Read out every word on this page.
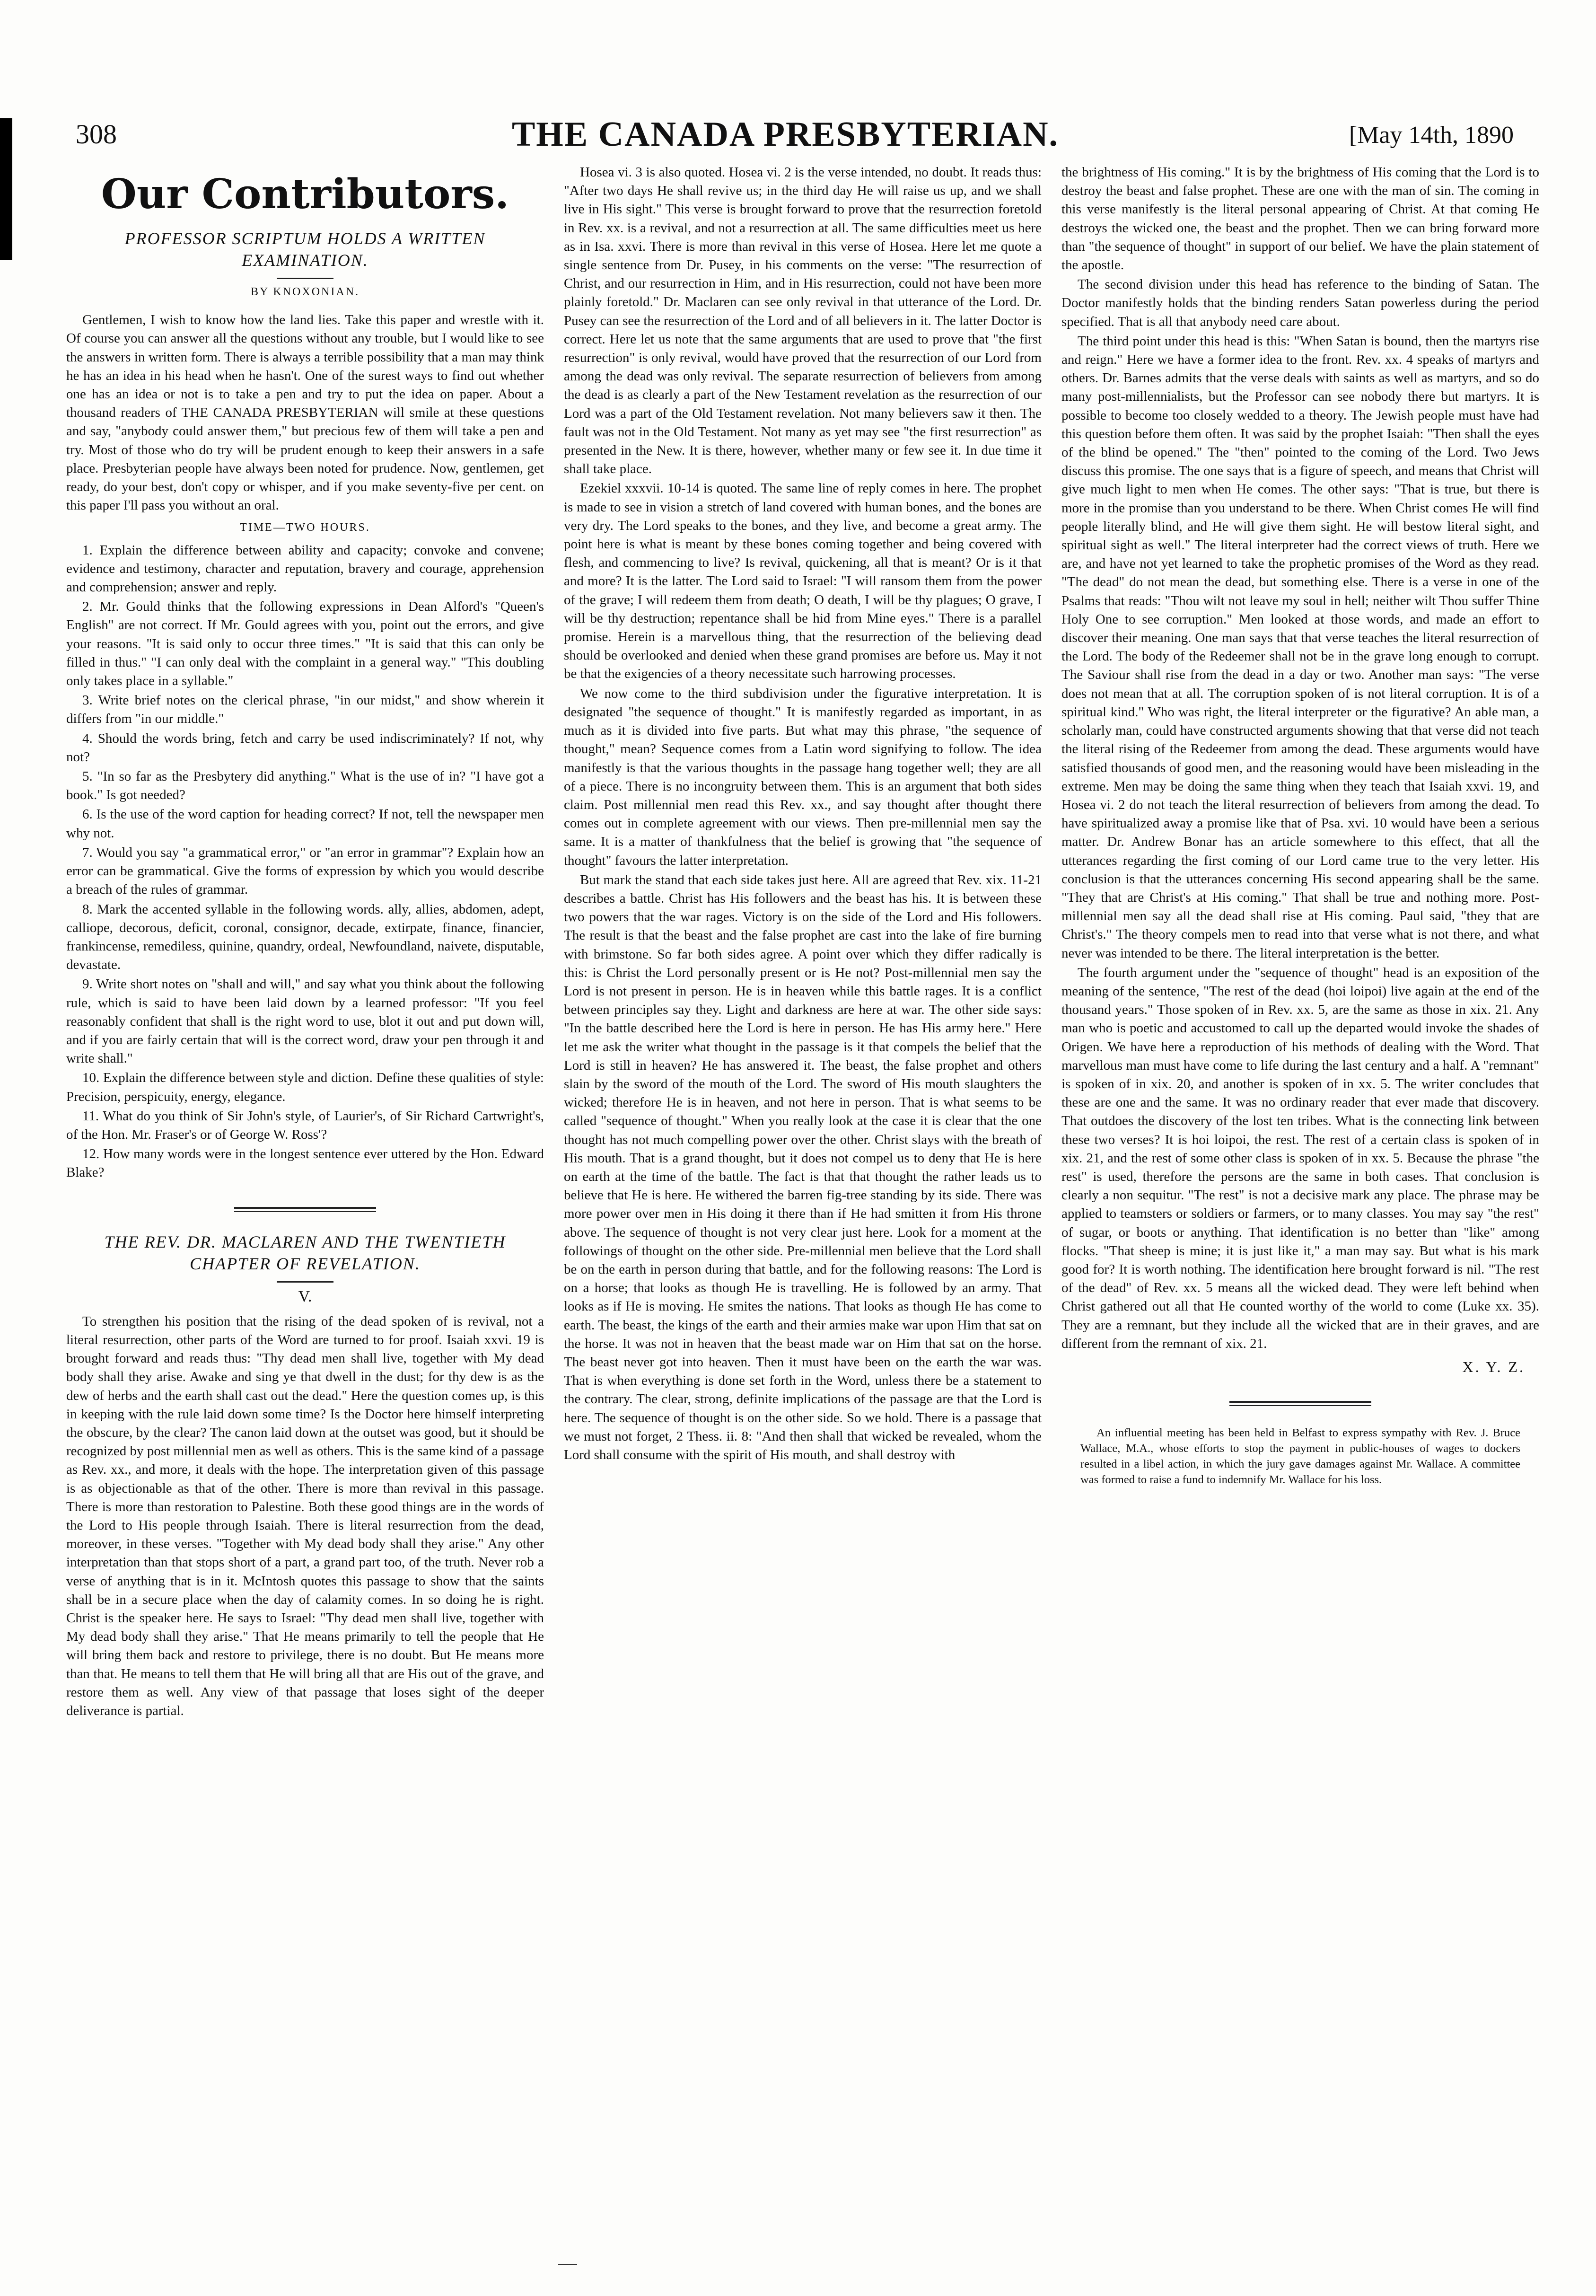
308	THE CANADA PRESBYTERIAN.	[May 14th, 1890
Our Contributors.
PROFESSOR SCRIPTUM HOLDS A WRITTEN EXAMINATION.
BY KNOXONIAN.

Gentlemen, I wish to know how the land lies. Take this paper and wrestle with it. Of course you can answer all the questions without any trouble, but I would like to see the answers in written form. There is always a terrible possibility that a man may think he has an idea in his head when he hasn't. One of the surest ways to find out whether one has an idea or not is to take a pen and try to put the idea on paper. About a thousand readers of THE CANADA PRESBYTERIAN will smile at these questions and say, "anybody could answer them," but precious few of them will take a pen and try. Most of those who do try will be prudent enough to keep their answers in a safe place. Presbyterian people have always been noted for prudence. Now, gentlemen, get ready, do your best, don't copy or whisper, and if you make seventy-five per cent. on this paper I'll pass you without an oral.

TIME—TWO HOURS.

1. Explain the difference between ability and capacity; convoke and convene; evidence and testimony, character and reputation, bravery and courage, apprehension and comprehension; answer and reply.

2. Mr. Gould thinks that the following expressions in Dean Alford's "Queen's English" are not correct. If Mr. Gould agrees with you, point out the errors, and give your reasons. "It is said only to occur three times." "It is said that this can only be filled in thus." "I can only deal with the complaint in a general way." "This doubling only takes place in a syllable."

3. Write brief notes on the clerical phrase, "in our midst," and show wherein it differs from "in our middle."

4. Should the words bring, fetch and carry be used indiscriminately? If not, why not?

5. "In so far as the Presbytery did anything." What is the use of in? "I have got a book." Is got needed?

6. Is the use of the word caption for heading correct? If not, tell the newspaper men why not.

7. Would you say "a grammatical error," or "an error in grammar"? Explain how an error can be grammatical. Give the forms of expression by which you would describe a breach of the rules of grammar.

8. Mark the accented syllable in the following words. ally, allies, abdomen, adept, calliope, decorous, deficit, coronal, consignor, decade, extirpate, finance, financier, frankincense, remediless, quinine, quandry, ordeal, Newfoundland, naivete, disputable, devastate.

9. Write short notes on "shall and will," and say what you think about the following rule, which is said to have been laid down by a learned professor: "If you feel reasonably confident that shall is the right word to use, blot it out and put down will, and if you are fairly certain that will is the correct word, draw your pen through it and write shall."

10. Explain the difference between style and diction. Define these qualities of style: Precision, perspicuity, energy, elegance.

11. What do you think of Sir John's style, of Laurier's, of Sir Richard Cartwright's, of the Hon. Mr. Fraser's or of George W. Ross'?

12. How many words were in the longest sentence ever uttered by the Hon. Edward Blake?

THE REV. DR. MACLAREN AND THE TWENTIETH CHAPTER OF REVELATION.
V.

To strengthen his position that the rising of the dead spoken of is revival, not a literal resurrection, other parts of the Word are turned to for proof. Isaiah xxvi. 19 is brought forward and reads thus: "Thy dead men shall live, together with My dead body shall they arise. Awake and sing ye that dwell in the dust; for thy dew is as the dew of herbs and the earth shall cast out the dead." Here the question comes up, is this in keeping with the rule laid down some time? Is the Doctor here himself interpreting the obscure, by the clear? The canon laid down at the outset was good, but it should be recognized by post millennial men as well as others. This is the same kind of a passage as Rev. xx., and more, it deals with the hope. The interpretation given of this passage is as objectionable as that of the other. There is more than revival in this passage. There is more than restoration to Palestine. Both these good things are in the words of the Lord to His people through Isaiah. There is literal resurrection from the dead, moreover, in these verses. "Together with My dead body shall they arise." Any other interpretation than that stops short of a part, a grand part too, of the truth. Never rob a verse of anything that is in it. McIntosh quotes this passage to show that the saints shall be in a secure place when the day of calamity comes. In so doing he is right. Christ is the speaker here. He says to Israel: "Thy dead men shall live, together with My dead body shall they arise." That He means primarily to tell the people that He will bring them back and restore to privilege, there is no doubt. But He means more than that. He means to tell them that He will bring all that are His out of the grave, and restore them as well. Any view of that passage that loses sight of the deeper deliverance is partial.

Hosea vi. 3 is also quoted. Hosea vi. 2 is the verse intended, no doubt. It reads thus: "After two days He shall revive us; in the third day He will raise us up, and we shall live in His sight." This verse is brought forward to prove that the resurrection foretold in Rev. xx. is a revival, and not a resurrection at all. The same difficulties meet us here as in Isa. xxvi. There is more than revival in this verse of Hosea. Here let me quote a single sentence from Dr. Pusey, in his comments on the verse: "The resurrection of Christ, and our resurrection in Him, and in His resurrection, could not have been more plainly foretold." Dr. Maclaren can see only revival in that utterance of the Lord. Dr. Pusey can see the resurrection of the Lord and of all believers in it. The latter Doctor is correct. Here let us note that the same arguments that are used to prove that "the first resurrection" is only revival, would have proved that the resurrection of our Lord from among the dead was only revival. The separate resurrection of believers from among the dead is as clearly a part of the New Testament revelation as the resurrection of our Lord was a part of the Old Testament revelation. Not many believers saw it then. The fault was not in the Old Testament. Not many as yet may see "the first resurrection" as presented in the New. It is there, however, whether many or few see it. In due time it shall take place.

Ezekiel xxxvii. 10-14 is quoted. The same line of reply comes in here. The prophet is made to see in vision a stretch of land covered with human bones, and the bones are very dry. The Lord speaks to the bones, and they live, and become a great army. The point here is what is meant by these bones coming together and being covered with flesh, and commencing to live? Is revival, quickening, all that is meant? Or is it that and more? It is the latter. The Lord said to Israel: "I will ransom them from the power of the grave; I will redeem them from death; O death, I will be thy plagues; O grave, I will be thy destruction; repentance shall be hid from Mine eyes." There is a parallel promise. Herein is a marvellous thing, that the resurrection of the believing dead should be overlooked and denied when these grand promises are before us. May it not be that the exigencies of a theory necessitate such harrowing processes.

We now come to the third subdivision under the figurative interpretation. It is designated "the sequence of thought." It is manifestly regarded as important, in as much as it is divided into five parts. But what may this phrase, "the sequence of thought," mean? Sequence comes from a Latin word signifying to follow. The idea manifestly is that the various thoughts in the passage hang together well; they are all of a piece. There is no incongruity between them. This is an argument that both sides claim. Post millennial men read this Rev. xx., and say thought after thought there comes out in complete agreement with our views. Then pre-millennial men say the same. It is a matter of thankfulness that the belief is growing that "the sequence of thought" favours the latter interpretation.

But mark the stand that each side takes just here. All are agreed that Rev. xix. 11-21 describes a battle. Christ has His followers and the beast has his. It is between these two powers that the war rages. Victory is on the side of the Lord and His followers. The result is that the beast and the false prophet are cast into the lake of fire burning with brimstone. So far both sides agree. A point over which they differ radically is this: is Christ the Lord personally present or is He not? Post-millennial men say the Lord is not present in person. He is in heaven while this battle rages. It is a conflict between principles say they. Light and darkness are here at war. The other side says: "In the battle described here the Lord is here in person. He has His army here." Here let me ask the writer what thought in the passage is it that compels the belief that the Lord is still in heaven? He has answered it. The beast, the false prophet and others slain by the sword of the mouth of the Lord. The sword of His mouth slaughters the wicked; therefore He is in heaven, and not here in person. That is what seems to be called "sequence of thought." When you really look at the case it is clear that the one thought has not much compelling power over the other. Christ slays with the breath of His mouth. That is a grand thought, but it does not compel us to deny that He is here on earth at the time of the battle. The fact is that that thought the rather leads us to believe that He is here. He withered the barren fig-tree standing by its side. There was more power over men in His doing it there than if He had smitten it from His throne above. The sequence of thought is not very clear just here. Look for a moment at the followings of thought on the other side. Pre-millennial men believe that the Lord shall be on the earth in person during that battle, and for the following reasons: The Lord is on a horse; that looks as though He is travelling. He is followed by an army. That looks as if He is moving. He smites the nations. That looks as though He has come to earth. The beast, the kings of the earth and their armies make war upon Him that sat on the horse. It was not in heaven that the beast made war on Him that sat on the horse. The beast never got into heaven. Then it must have been on the earth the war was. That is when everything is done set forth in the Word, unless there be a statement to the contrary. The clear, strong, definite implications of the passage are that the Lord is here. The sequence of thought is on the other side. So we hold. There is a passage that we must not forget, 2 Thess. ii. 8: "And then shall that wicked be revealed, whom the Lord shall consume with the spirit of His mouth, and shall destroy with

the brightness of His coming." It is by the brightness of His coming that the Lord is to destroy the beast and false prophet. These are one with the man of sin. The coming in this verse manifestly is the literal personal appearing of Christ. At that coming He destroys the wicked one, the beast and the prophet. Then we can bring forward more than "the sequence of thought" in support of our belief. We have the plain statement of the apostle.

The second division under this head has reference to the binding of Satan. The Doctor manifestly holds that the binding renders Satan powerless during the period specified. That is all that anybody need care about.

The third point under this head is this: "When Satan is bound, then the martyrs rise and reign." Here we have a former idea to the front. Rev. xx. 4 speaks of martyrs and others. Dr. Barnes admits that the verse deals with saints as well as martyrs, and so do many post-millennialists, but the Professor can see nobody there but martyrs. It is possible to become too closely wedded to a theory. The Jewish people must have had this question before them often. It was said by the prophet Isaiah: "Then shall the eyes of the blind be opened." The "then" pointed to the coming of the Lord. Two Jews discuss this promise. The one says that is a figure of speech, and means that Christ will give much light to men when He comes. The other says: "That is true, but there is more in the promise than you understand to be there. When Christ comes He will find people literally blind, and He will give them sight. He will bestow literal sight, and spiritual sight as well." The literal interpreter had the correct views of truth. Here we are, and have not yet learned to take the prophetic promises of the Word as they read. "The dead" do not mean the dead, but something else. There is a verse in one of the Psalms that reads: "Thou wilt not leave my soul in hell; neither wilt Thou suffer Thine Holy One to see corruption." Men looked at those words, and made an effort to discover their meaning. One man says that that verse teaches the literal resurrection of the Lord. The body of the Redeemer shall not be in the grave long enough to corrupt. The Saviour shall rise from the dead in a day or two. Another man says: "The verse does not mean that at all. The corruption spoken of is not literal corruption. It is of a spiritual kind." Who was right, the literal interpreter or the figurative? An able man, a scholarly man, could have constructed arguments showing that that verse did not teach the literal rising of the Redeemer from among the dead. These arguments would have satisfied thousands of good men, and the reasoning would have been misleading in the extreme. Men may be doing the same thing when they teach that Isaiah xxvi. 19, and Hosea vi. 2 do not teach the literal resurrection of believers from among the dead. To have spiritualized away a promise like that of Psa. xvi. 10 would have been a serious matter. Dr. Andrew Bonar has an article somewhere to this effect, that all the utterances regarding the first coming of our Lord came true to the very letter. His conclusion is that the utterances concerning His second appearing shall be the same. "They that are Christ's at His coming." That shall be true and nothing more. Post-millennial men say all the dead shall rise at His coming. Paul said, "they that are Christ's." The theory compels men to read into that verse what is not there, and what never was intended to be there. The literal interpretation is the better.

The fourth argument under the "sequence of thought" head is an exposition of the meaning of the sentence, "The rest of the dead (hoi loipoi) live again at the end of the thousand years." Those spoken of in Rev. xx. 5, are the same as those in xix. 21. Any man who is poetic and accustomed to call up the departed would invoke the shades of Origen. We have here a reproduction of his methods of dealing with the Word. That marvellous man must have come to life during the last century and a half. A "remnant" is spoken of in xix. 20, and another is spoken of in xx. 5. The writer concludes that these are one and the same. It was no ordinary reader that ever made that discovery. That outdoes the discovery of the lost ten tribes. What is the connecting link between these two verses? It is hoi loipoi, the rest. The rest of a certain class is spoken of in xix. 21, and the rest of some other class is spoken of in xx. 5. Because the phrase "the rest" is used, therefore the persons are the same in both cases. That conclusion is clearly a non sequitur. "The rest" is not a decisive mark any place. The phrase may be applied to teamsters or soldiers or farmers, or to many classes. You may say "the rest" of sugar, or boots or anything. That identification is no better than "like" among flocks. "That sheep is mine; it is just like it," a man may say. But what is his mark good for? It is worth nothing. The identification here brought forward is nil. "The rest of the dead" of Rev. xx. 5 means all the wicked dead. They were left behind when Christ gathered out all that He counted worthy of the world to come (Luke xx. 35). They are a remnant, but they include all the wicked that are in their graves, and are different from the remnant of xix. 21.

X. Y. Z.

An influential meeting has been held in Belfast to express sympathy with Rev. J. Bruce Wallace, M.A., whose efforts to stop the payment in public-houses of wages to dockers resulted in a libel action, in which the jury gave damages against Mr. Wallace. A committee was formed to raise a fund to indemnify Mr. Wallace for his loss.
